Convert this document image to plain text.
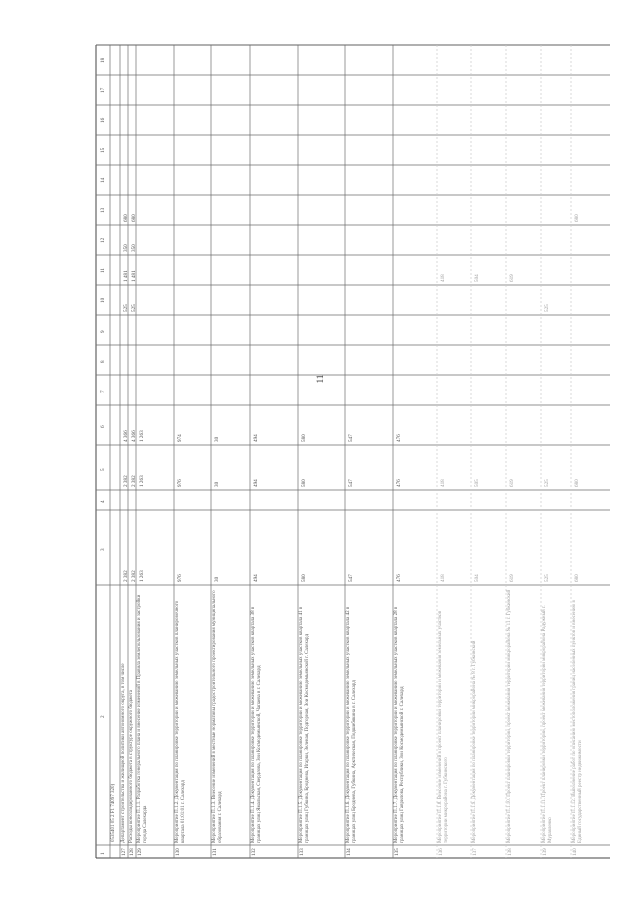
11
1
2
3
4
5
6
7
8
9
10
11
12
13
14
15
16
17
18
0535401 05 2 F1 74097 320)
127
Департамент строительства и жилищной политики автономного округа, в том числе
2 382
2 382
4 366
525
1 481
350
680
128
Расходы консолидированного бюджета в структуре окружного бюджета
2 382
2 382
4 366
525
1 481
350
680
129
Мероприятие П.1.1. Разработка генерального плана и внесение изменений в Правила землепользования и застройки города Салехарда
1 263
1 263
1 263
130
Мероприятие П.1.2. Документация по планировке территории и межеванию земельных участков планировочного квартала 01:01:01 г. Салехард
976
976
974
131
Мероприятие П.1.3. Внесение изменений в местные нормативы градостроительного проектирования муниципального образования г. Салехард
30
30
30
132
Мероприятие П.1.4. Документация по планировке территории и межеванию земельных участков квартала 38 в границах улиц Ямальская, Свердлова, Зои Космодемьянской, Чапаева в г. Салехард
494
494
494
133
Мероприятие П.1.5. Документация по планировке территории и межеванию земельных участков квартала 41 в границах улиц Губкина, Броднева, Игарки, Зеленая, Подгорная, Зои Космодемьянской г. Салехард
580
580
580
134
Мероприятие П.1.6. Документация по планировке территории и межеванию земельных участков квартала 42 в границах улиц Броднева, Губкина, Арктическая, Подшибякина в г. Салехард
547
547
547
135
Мероприятие П.1.7. Документация по планировке территории и межеванию земельных участков квартала 28 в границах улиц Гаврилова, Республики, Зои Космодемьянской г. Салехард
476
476
476
136
Мероприятие П.1.8. Внесение изменений в проект планировки территории и межевания земельных участков территории микрорайона г. Губкинского
418
418
418
137
Мероприятие П.1.9. Документация по планировке территории микрорайона № 8 г. Губкинский
504
505
504
138
Мероприятие П.1.10. Проект планировки территории, проект межевания территории микрорайона № 11 г. Губкинский
619
619
619
139
Мероприятие П.1.11. Проект планировки территории, проект межевания территории микрорайона Радужный г. Муравленко
525
525
525
140
Мероприятие П.1.12. Выполнение работ по описанию местоположения границ населенных пунктов и внесению в Единый государственный реестр недвижимости
680
680
680
